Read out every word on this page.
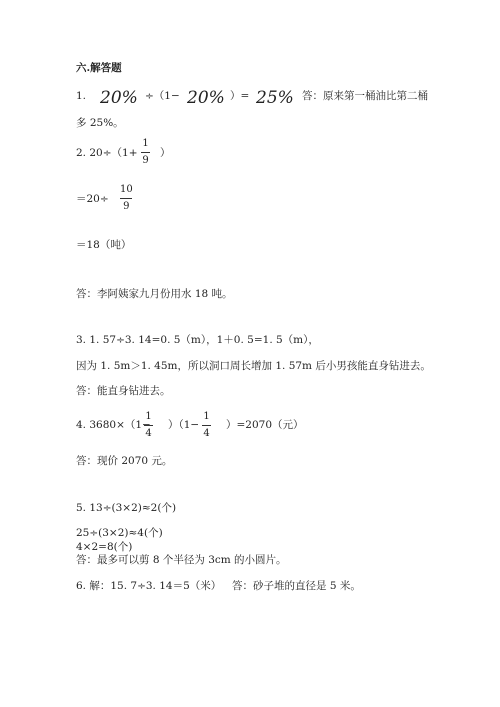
六.解答题
1. 20% ÷（1− 20% ）= 25% 答：原来第一桶油比第二桶
多 25%。
2. 20÷（1+
1
9
）
＝20÷
10
9
＝18（吨）
答：李阿姨家九月份用水 18 吨。
3. 1. 57÷3. 14=0. 5（m），1＋0. 5=1. 5（m），
因为 1. 5m＞1. 45m，所以洞口周长增加 1. 57m 后小男孩能直身钻进去。
答：能直身钻进去。
4. 3680×（1−
1
4
）（1−
1
4
）=2070（元）
答：现价 2070 元。
5. 13÷(3×2)≈2(个)
25÷(3×2)≈4(个)
4×2=8(个)
答：最多可以剪 8 个半径为 3cm 的小圆片。
6. 解：15. 7÷3. 14＝5（米） 答：砂子堆的直径是 5 米。
